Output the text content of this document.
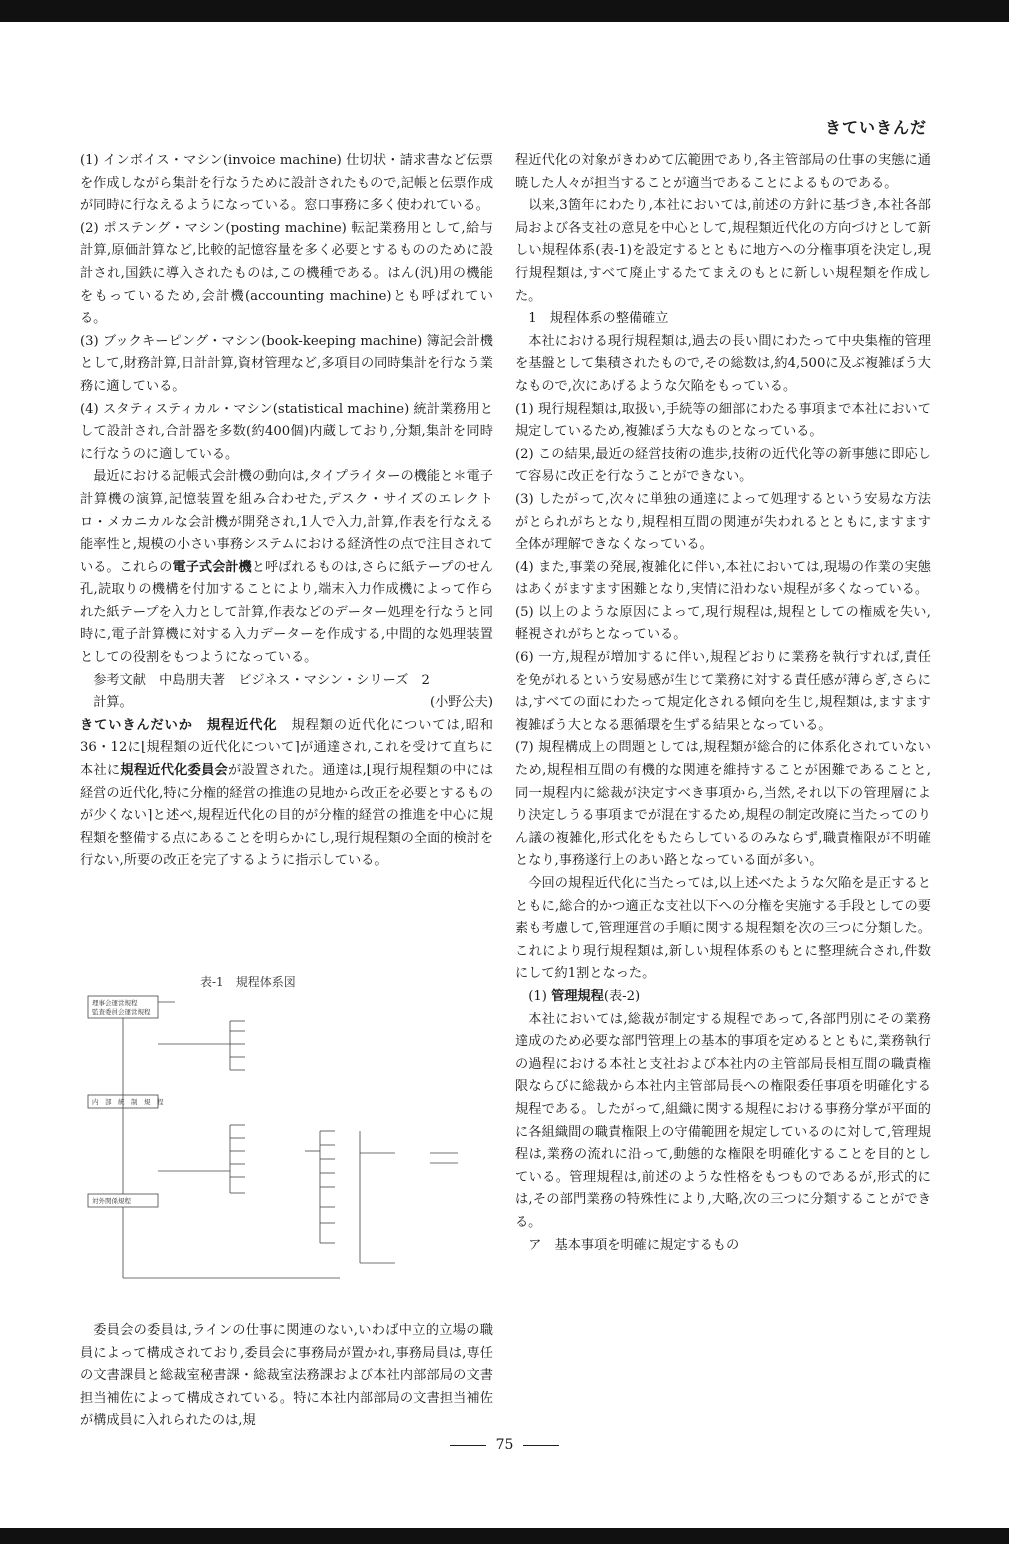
きていきんだ

(1) インボイス・マシン(invoice machine) 仕切状・請求書など伝票を作成しながら集計を行なうために設計されたもので,記帳と伝票作成が同時に行なえるようになっている。窓口事務に多く使われている。

(2) ポステング・マシン(posting machine) 転記業務用として,給与計算,原価計算など,比較的記憶容量を多く必要とするもののために設計され,国鉄に導入されたものは,この機種である。はん(汎)用の機能をもっているため,会計機(accounting machine)とも呼ばれている。

(3) ブックキーピング・マシン(book-keeping machine) 簿記会計機として,財務計算,日計計算,資材管理など,多項目の同時集計を行なう業務に適している。

(4) スタティスティカル・マシン(statistical machine) 統計業務用として設計され,合計器を多数(約400個)内蔵しており,分類,集計を同時に行なうのに適している。

最近における記帳式会計機の動向は,タイプライターの機能と＊電子計算機の演算,記憶装置を組み合わせた,デスク・サイズのエレクトロ・メカニカルな会計機が開発され,1人で入力,計算,作表を行なえる能率性と,規模の小さい事務システムにおける経済性の点で注目されている。これらの電子式会計機と呼ばれるものは,さらに紙テープのせん孔,読取りの機構を付加することにより,端末入力作成機によって作られた紙テープを入力として計算,作表などのデーター処理を行なうと同時に,電子計算機に対する入力データーを作成する,中間的な処理装置としての役割をもつようになっている。

参考文献　中島朋夫著　ビジネス・マシン・シリーズ　2

計算。	(小野公夫)

きていきんだいか　規程近代化　規程類の近代化については,昭和36・12に⌊規程類の近代化について⌉が通達され,これを受けて直ちに本社に規程近代化委員会が設置された。通達は,⌊現行規程類の中には経営の近代化,特に分権的経営の推進の見地から改正を必要とするものが少くない⌉と述べ,規程近代化の目的が分権的経営の推進を中心に規程類を整備する点にあることを明らかにし,現行規程類の全面的検討を行ない,所要の改正を完了するように指示している。

表-1　規程体系図
理事会運営規程
監査委員会運営規程
内　部　統　制　規　程
対外関係規程

委員会の委員は,ラインの仕事に関連のない,いわば中立的立場の職員によって構成されており,委員会に事務局が置かれ,事務局員は,専任の文書課員と総裁室秘書課・総裁室法務課および本社内部部局の文書担当補佐によって構成されている。特に本社内部部局の文書担当補佐が構成員に入れられたのは,規

程近代化の対象がきわめて広範囲であり,各主管部局の仕事の実態に通暁した人々が担当することが適当であることによるものである。

以来,3箇年にわたり,本社においては,前述の方針に基づき,本社各部局および各支社の意見を中心として,規程類近代化の方向づけとして新しい規程体系(表-1)を設定するとともに地方への分権事項を決定し,現行規程類は,すべて廃止するたてまえのもとに新しい規程類を作成した。

1　規程体系の整備確立

本社における現行規程類は,過去の長い間にわたって中央集権的管理を基盤として集積されたもので,その総数は,約4,500に及ぶ複雑ぼう大なもので,次にあげるような欠陥をもっている。

(1) 現行規程類は,取扱い,手続等の細部にわたる事項まで本社において規定しているため,複雑ぼう大なものとなっている。

(2) この結果,最近の経営技術の進歩,技術の近代化等の新事態に即応して容易に改正を行なうことができない。

(3) したがって,次々に単独の通達によって処理するという安易な方法がとられがちとなり,規程相互間の関連が失われるとともに,ますます全体が理解できなくなっている。

(4) また,事業の発展,複雑化に伴い,本社においては,現場の作業の実態はあくがますます困難となり,実情に沿わない規程が多くなっている。

(5) 以上のような原因によって,現行規程は,規程としての権威を失い,軽視されがちとなっている。

(6) 一方,規程が増加するに伴い,規程どおりに業務を執行すれば,責任を免がれるという安易感が生じて業務に対する責任感が薄らぎ,さらには,すべての面にわたって規定化される傾向を生じ,規程類は,ますます複雑ぼう大となる悪循環を生ずる結果となっている。

(7) 規程構成上の問題としては,規程類が総合的に体系化されていないため,規程相互間の有機的な関連を維持することが困難であることと,同一規程内に総裁が決定すべき事項から,当然,それ以下の管理層により決定しうる事項までが混在するため,規程の制定改廃に当たってのりん議の複雑化,形式化をもたらしているのみならず,職責権限が不明確となり,事務遂行上のあい路となっている面が多い。

今回の規程近代化に当たっては,以上述べたような欠陥を是正するとともに,総合的かつ適正な支社以下への分権を実施する手段としての要素も考慮して,管理運営の手順に関する規程類を次の三つに分類した。これにより現行規程類は,新しい規程体系のもとに整理統合され,件数にして約1割となった。

(1) 管理規程(表-2)

本社においては,総裁が制定する規程であって,各部門別にその業務達成のため必要な部門管理上の基本的事項を定めるとともに,業務執行の過程における本社と支社および本社内の主管部局長相互間の職責権限ならびに総裁から本社内主管部局長への権限委任事項を明確化する規程である。したがって,組織に関する規程における事務分掌が平面的に各組織間の職責権限上の守備範囲を規定しているのに対して,管理規程は,業務の流れに沿って,動態的な権限を明確化することを目的としている。管理規程は,前述のような性格をもつものであるが,形式的には,その部門業務の特殊性により,大略,次の三つに分類することができる。

ア　基本事項を明確に規定するもの

75
